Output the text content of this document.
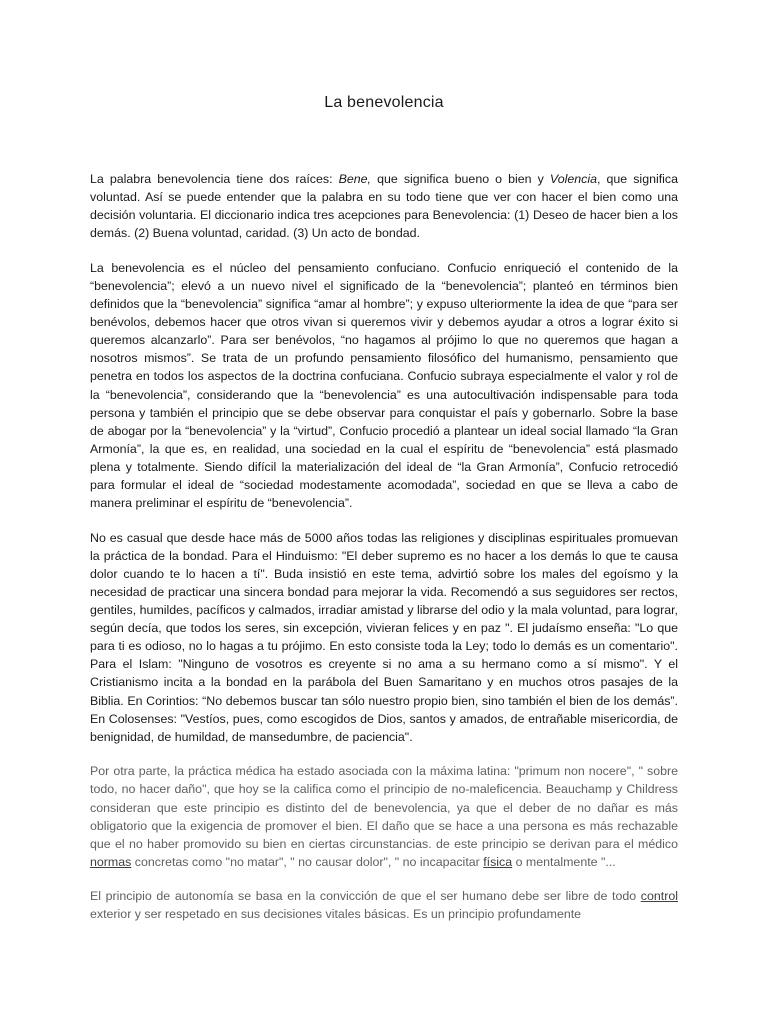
La benevolencia

La palabra benevolencia tiene dos raíces: Bene, que significa bueno o bien y Volencia, que significa voluntad. Así se puede entender que la palabra en su todo tiene que ver con hacer el bien como una decisión voluntaria. El diccionario indica tres acepciones para Benevolencia: (1) Deseo de hacer bien a los demás. (2) Buena voluntad, caridad. (3) Un acto de bondad.

La benevolencia es el núcleo del pensamiento confuciano. Confucio enriqueció el contenido de la “benevolencia”; elevó a un nuevo nivel el significado de la “benevolencia”; planteó en términos bien definidos que la “benevolencia” significa “amar al hombre”; y expuso ulteriormente la idea de que “para ser benévolos, debemos hacer que otros vivan si queremos vivir y debemos ayudar a otros a lograr éxito si queremos alcanzarlo”. Para ser benévolos, “no hagamos al prójimo lo que no queremos que hagan a nosotros mismos”. Se trata de un profundo pensamiento filosófico del humanismo, pensamiento que penetra en todos los aspectos de la doctrina confuciana. Confucio subraya especialmente el valor y rol de la “benevolencia”, considerando que la “benevolencia” es una autocultivación indispensable para toda persona y también el principio que se debe observar para conquistar el país y gobernarlo. Sobre la base de abogar por la “benevolencia” y la “virtud”, Confucio procedió a plantear un ideal social llamado “la Gran Armonía”, la que es, en realidad, una sociedad en la cual el espíritu de “benevolencia” está plasmado plena y totalmente. Siendo difícil la materialización del ideal de “la Gran Armonía”, Confucio retrocedió para formular el ideal de “sociedad modestamente acomodada”, sociedad en que se lleva a cabo de manera preliminar el espíritu de “benevolencia”.

No es casual que desde hace más de 5000 años todas las religiones y disciplinas espirituales promuevan la práctica de la bondad. Para el Hinduismo: "El deber supremo es no hacer a los demás lo que te causa dolor cuando te lo hacen a tí". Buda insistió en este tema, advirtió sobre los males del egoísmo y la necesidad de practicar una sincera bondad para mejorar la vida. Recomendó a sus seguidores ser rectos, gentiles, humildes, pacíficos y calmados, irradiar amistad y librarse del odio y la mala voluntad, para lograr, según decía, que todos los seres, sin excepción, vivieran felices y en paz ". El judaísmo enseña: "Lo que para ti es odioso, no lo hagas a tu prójimo. En esto consiste toda la Ley; todo lo demás es un comentario". Para el Islam: "Ninguno de vosotros es creyente si no ama a su hermano como a sí mismo". Y el Cristianismo incita a la bondad en la parábola del Buen Samaritano y en muchos otros pasajes de la Biblia. En Corintios: “No debemos buscar tan sólo nuestro propio bien, sino también el bien de los demás”. En Colosenses: "Vestíos, pues, como escogidos de Dios, santos y amados, de entrañable misericordia, de benignidad, de humildad, de mansedumbre, de paciencia".

Por otra parte, la práctica médica ha estado asociada con la máxima latina: "primum non nocere", " sobre todo, no hacer daño", que hoy se la califica como el principio de no-maleficencia. Beauchamp y Childress consideran que este principio es distinto del de benevolencia, ya que el deber de no dañar es más obligatorio que la exigencia de promover el bien. El daño que se hace a una persona es más rechazable que el no haber promovido su bien en ciertas circunstancias. de este principio se derivan para el médico normas concretas como "no matar", " no causar dolor", " no incapacitar física o mentalmente "...

El principio de autonomía se basa en la convicción de que el ser humano debe ser libre de todo control exterior y ser respetado en sus decisiones vitales básicas. Es un principio profundamente
